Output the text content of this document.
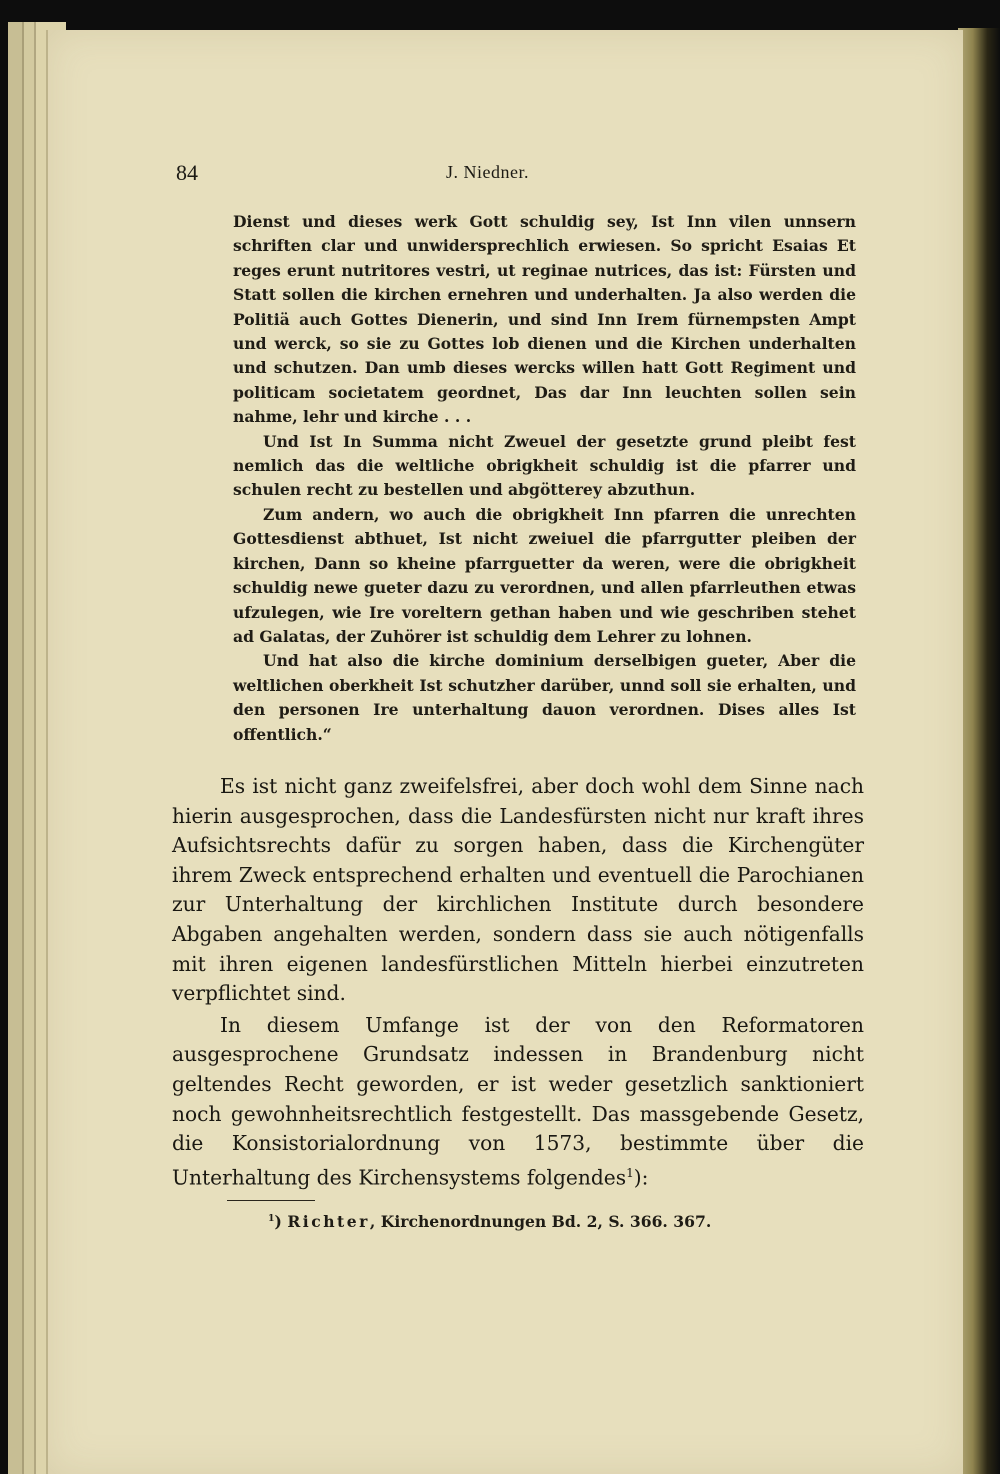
84	J. Niedner.

Dienst und dieses werk Gott schuldig sey, Ist Inn vilen unnsern schriften clar und unwidersprechlich erwiesen. So spricht Esaias Et reges erunt nutritores vestri, ut reginae nutrices, das ist: Fürsten und Statt sollen die kirchen ernehren und underhalten. Ja also werden die Politiä auch Gottes Dienerin, und sind Inn Irem fürnempsten Ampt und werck, so sie zu Gottes lob dienen und die Kirchen underhalten und schutzen. Dan umb dieses wercks willen hatt Gott Regiment und politicam societatem geordnet, Das dar Inn leuchten sollen sein nahme, lehr und kirche . . .

Und Ist In Summa nicht Zweuel der gesetzte grund pleibt fest nemlich das die weltliche obrigkheit schuldig ist die pfarrer und schulen recht zu bestellen und abgötterey abzuthun.

Zum andern, wo auch die obrigkheit Inn pfarren die unrechten Gottesdienst abthuet, Ist nicht zweiuel die pfarrgutter pleiben der kirchen, Dann so kheine pfarrguetter da weren, were die obrigkheit schuldig newe gueter dazu zu verordnen, und allen pfarrleuthen etwas ufzulegen, wie Ire voreltern gethan haben und wie geschriben stehet ad Galatas, der Zuhörer ist schuldig dem Lehrer zu lohnen.

Und hat also die kirche dominium derselbigen gueter, Aber die weltlichen oberkheit Ist schutzher darüber, unnd soll sie erhalten, und den personen Ire unterhaltung dauon verordnen. Dises alles Ist offentlich.“

Es ist nicht ganz zweifelsfrei, aber doch wohl dem Sinne nach hierin ausgesprochen, dass die Landesfürsten nicht nur kraft ihres Aufsichtsrechts dafür zu sorgen haben, dass die Kirchengüter ihrem Zweck entsprechend erhalten und eventuell die Parochianen zur Unterhaltung der kirchlichen Institute durch besondere Abgaben angehalten werden, sondern dass sie auch nötigenfalls mit ihren eigenen landesfürstlichen Mitteln hierbei einzutreten verpflichtet sind.

In diesem Umfange ist der von den Reformatoren ausgesprochene Grundsatz indessen in Brandenburg nicht geltendes Recht geworden, er ist weder gesetzlich sanktioniert noch gewohnheitsrechtlich festgestellt. Das massgebende Gesetz, die Konsistorialordnung von 1573, bestimmte über die Unterhaltung des Kirchensystems folgendes$^1$):

$^1$) Richter, Kirchenordnungen Bd. 2, S. 366. 367.
